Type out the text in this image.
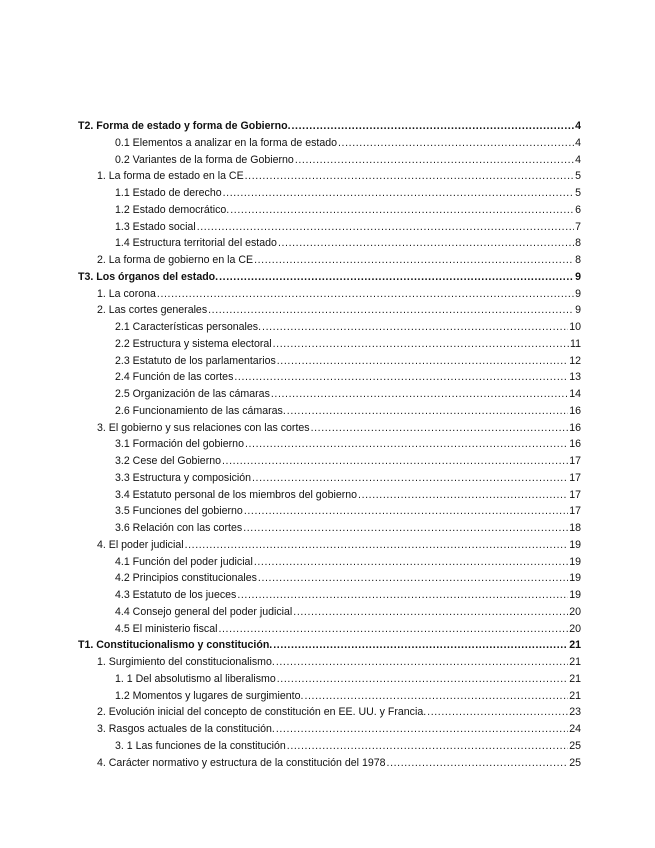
T2. Forma de estado y forma de Gobierno. .....	4
0.1 Elementos a analizar en la forma de estado .....	4
0.2 Variantes de la forma de Gobierno .....	4
1. La forma de estado en la CE .....	5
1.1 Estado de derecho .....	5
1.2 Estado democrático. .....	6
1.3 Estado social .....	7
1.4 Estructura territorial del estado .....	8
2. La forma de gobierno en la CE .....	8
T3. Los órganos del estado. .....	9
1. La corona .....	9
2. Las cortes generales .....	9
2.1 Características personales. .....	10
2.2 Estructura y sistema electoral .....	11
2.3 Estatuto de los parlamentarios .....	12
2.4 Función de las cortes .....	13
2.5 Organización de las cámaras .....	14
2.6 Funcionamiento de las cámaras. .....	16
3. El gobierno y sus relaciones con las cortes .....	16
3.1 Formación del gobierno .....	16
3.2 Cese del Gobierno .....	17
3.3 Estructura y composición .....	17
3.4 Estatuto personal de los miembros del gobierno .....	17
3.5 Funciones del gobierno .....	17
3.6 Relación con las cortes .....	18
4. El poder judicial .....	19
4.1 Función del poder judicial .....	19
4.2 Principios constitucionales .....	19
4.3 Estatuto de los jueces .....	19
4.4 Consejo general del poder judicial .....	20
4.5 El ministerio fiscal .....	20
T1. Constitucionalismo y constitución. .....	21
1. Surgimiento del constitucionalismo. .....	21
1. 1 Del absolutismo al liberalismo .....	21
1.2 Momentos y lugares de surgimiento. .....	21
2. Evolución inicial del concepto de constitución en EE. UU. y Francia. .....	23
3. Rasgos actuales de la constitución. .....	24
3. 1 Las funciones de la constitución .....	25
4. Carácter normativo y estructura de la constitución del 1978 .....	25
